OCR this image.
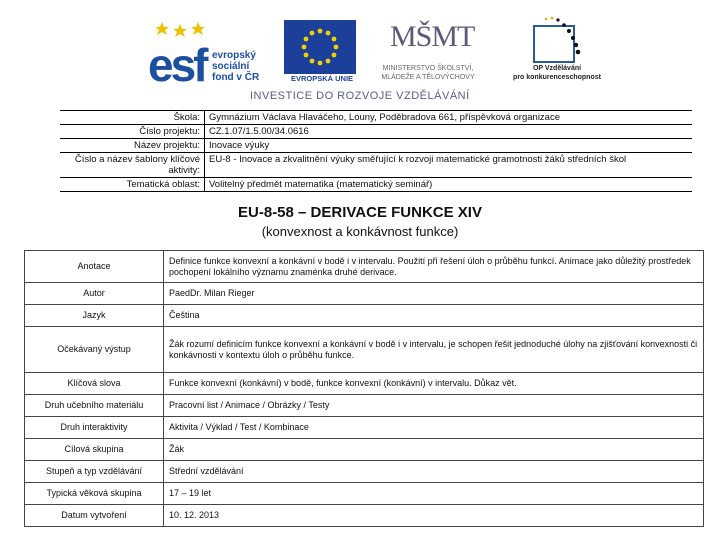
esf evropský
sociální
fond v ČR	EVROPSKÁ UNIE
MŠMT
MINISTERSTVO ŠKOLSTVÍ,
MLÁDEŽE A TĚLOVÝCHOVY
OP Vzdělávání
pro konkurenceschopnost
INVESTICE DO ROZVOJE VZDĚLÁVÁNÍ
Škola:	Gymnázium Václava Hlaváčeho, Louny, Poděbradova 661, příspěvková organizace
Číslo projektu:	CZ.1.07/1.5.00/34.0616
Název projektu:	Inovace výuky
Číslo a název šablony klíčové aktivity:	EU-8 - Inovace a zkvalitnění výuky směřující k rozvoji matematické gramotnosti žáků středních škol
Tematická oblast:	Volitelný předmět matematika (matematický seminář)
EU-8-58 – DERIVACE FUNKCE XIV
(konvexnost a konkávnost funkce)
Anotace	Definice funkce konvexní a konkávní v bodě i v intervalu. Použití při řešení úloh o průběhu funkcí. Animace jako důležitý prostředek pochopení lokálního významu znaménka druhé derivace.
Autor	PaedDr. Milan Rieger
Jazyk	Čeština
Očekávaný výstup	Žák rozumí definicím funkce konvexní a konkávní v bodě i v intervalu, je schopen řešit jednoduché úlohy na zjišťování konvexnosti či konkávnosti v kontextu úloh o průběhu funkce.
Klíčová slova	Funkce konvexní (konkávní) v bodě, funkce konvexní (konkávní) v intervalu. Důkaz vět.
Druh učebního materiálu	Pracovní list / Animace / Obrázky / Testy
Druh interaktivity	Aktivita / Výklad / Test / Kombinace
Cílová skupina	Žák
Stupeň a typ vzdělávání	Střední vzdělávání
Typická věková skupina	17 – 19 let
Datum vytvoření	10. 12. 2013
